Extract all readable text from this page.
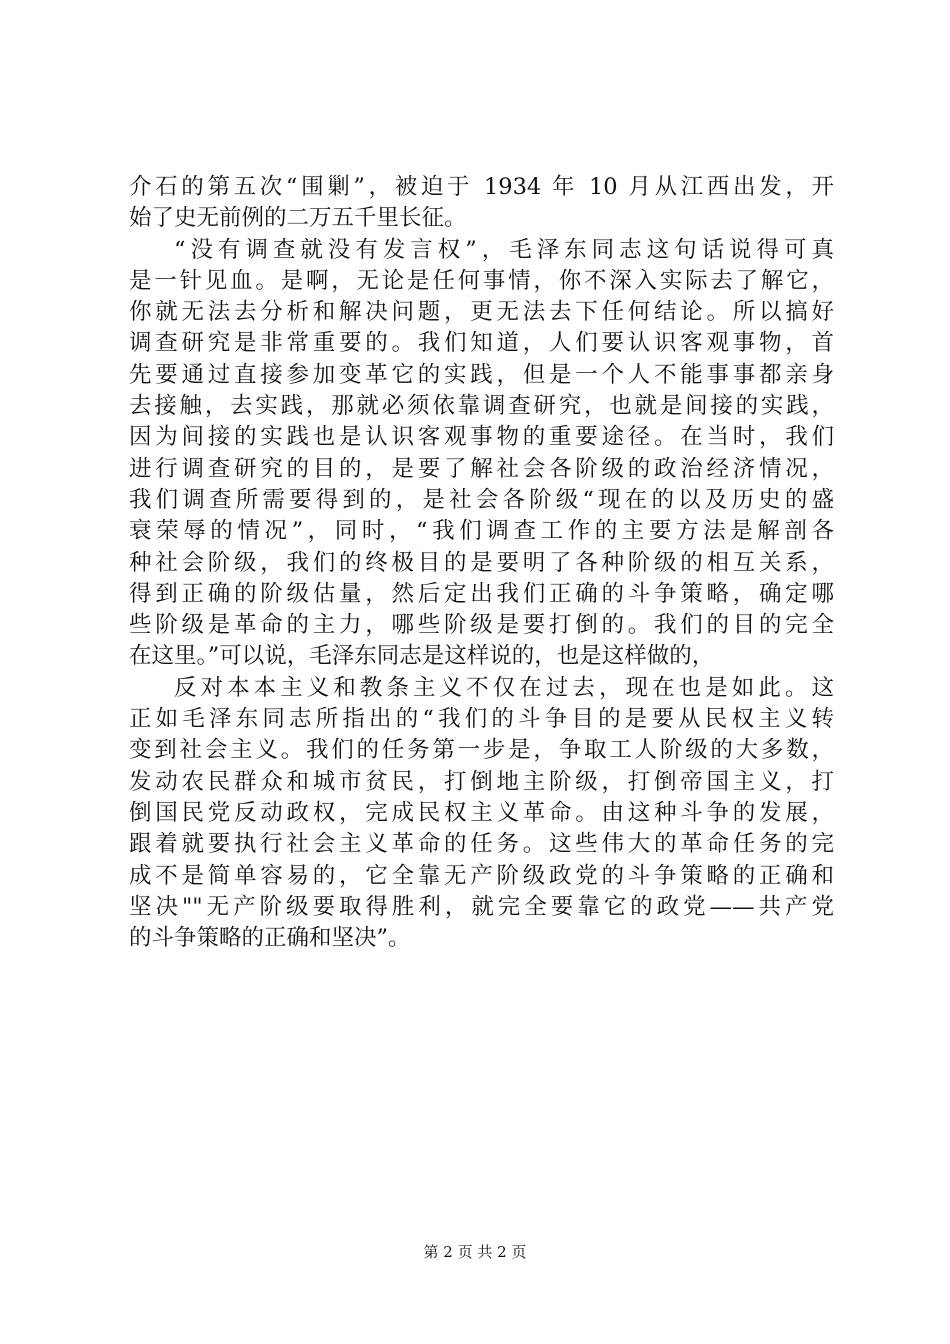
介石的第五次“围剿”，被迫于 1934 年 10 月从江西出发，开
始了史无前例的二万五千里长征。
“没有调查就没有发言权”，毛泽东同志这句话说得可真
是一针见血。是啊，无论是任何事情，你不深入实际去了解它，
你就无法去分析和解决问题，更无法去下任何结论。所以搞好
调查研究是非常重要的。我们知道，人们要认识客观事物，首
先要通过直接参加变革它的实践，但是一个人不能事事都亲身
去接触，去实践，那就必须依靠调查研究，也就是间接的实践，
因为间接的实践也是认识客观事物的重要途径。在当时，我们
进行调查研究的目的，是要了解社会各阶级的政治经济情况，
我们调查所需要得到的，是社会各阶级“现在的以及历史的盛
衰荣辱的情况”，同时，“我们调查工作的主要方法是解剖各
种社会阶级，我们的终极目的是要明了各种阶级的相互关系，
得到正确的阶级估量，然后定出我们正确的斗争策略，确定哪
些阶级是革命的主力，哪些阶级是要打倒的。我们的目的完全
在这里。”可以说，毛泽东同志是这样说的，也是这样做的，
反对本本主义和教条主义不仅在过去，现在也是如此。这
正如毛泽东同志所指出的“我们的斗争目的是要从民权主义转
变到社会主义。我们的任务第一步是，争取工人阶级的大多数，
发动农民群众和城市贫民，打倒地主阶级，打倒帝国主义，打
倒国民党反动政权，完成民权主义革命。由这种斗争的发展，
跟着就要执行社会主义革命的任务。这些伟大的革命任务的完
成不是简单容易的，它全靠无产阶级政党的斗争策略的正确和
坚决""无产阶级要取得胜利，就完全要靠它的政党——共产党
的斗争策略的正确和坚决”。
第 2 页 共 2 页
